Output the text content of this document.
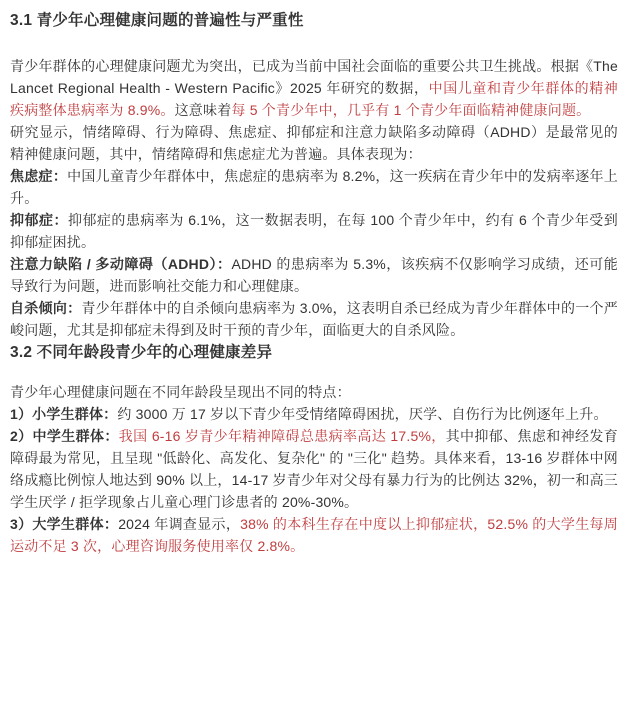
3.1 青少年心理健康问题的普遍性与严重性

青少年群体的心理健康问题尤为突出，已成为当前中国社会面临的重要公共卫生挑战。根据《The Lancet Regional Health - Western Pacific》2025 年研究的数据，中国儿童和青少年群体的精神疾病整体患病率为 8.9%。这意味着每 5 个青少年中，几乎有 1 个青少年面临精神健康问题。

研究显示，情绪障碍、行为障碍、焦虑症、抑郁症和注意力缺陷多动障碍（ADHD）是最常见的精神健康问题，其中，情绪障碍和焦虑症尤为普遍。具体表现为：

焦虑症：中国儿童青少年群体中，焦虑症的患病率为 8.2%，这一疾病在青少年中的发病率逐年上升。

抑郁症：抑郁症的患病率为 6.1%，这一数据表明，在每 100 个青少年中，约有 6 个青少年受到抑郁症困扰。

注意力缺陷 / 多动障碍（ADHD）：ADHD 的患病率为 5.3%，该疾病不仅影响学习成绩，还可能导致行为问题，进而影响社交能力和心理健康。

自杀倾向：青少年群体中的自杀倾向患病率为 3.0%，这表明自杀已经成为青少年群体中的一个严峻问题，尤其是抑郁症未得到及时干预的青少年，面临更大的自杀风险。

3.2 不同年龄段青少年的心理健康差异

青少年心理健康问题在不同年龄段呈现出不同的特点：

1）小学生群体：约 3000 万 17 岁以下青少年受情绪障碍困扰，厌学、自伤行为比例逐年上升。

2）中学生群体：我国 6-16 岁青少年精神障碍总患病率高达 17.5%，其中抑郁、焦虑和神经发育障碍最为常见，且呈现 "低龄化、高发化、复杂化" 的 "三化" 趋势。具体来看，13-16 岁群体中网络成瘾比例惊人地达到 90% 以上，14-17 岁青少年对父母有暴力行为的比例达 32%，初一和高三学生厌学 / 拒学现象占儿童心理门诊患者的 20%-30%。

3）大学生群体：2024 年调查显示，38% 的本科生存在中度以上抑郁症状，52.5% 的大学生每周运动不足 3 次，心理咨询服务使用率仅 2.8%。
